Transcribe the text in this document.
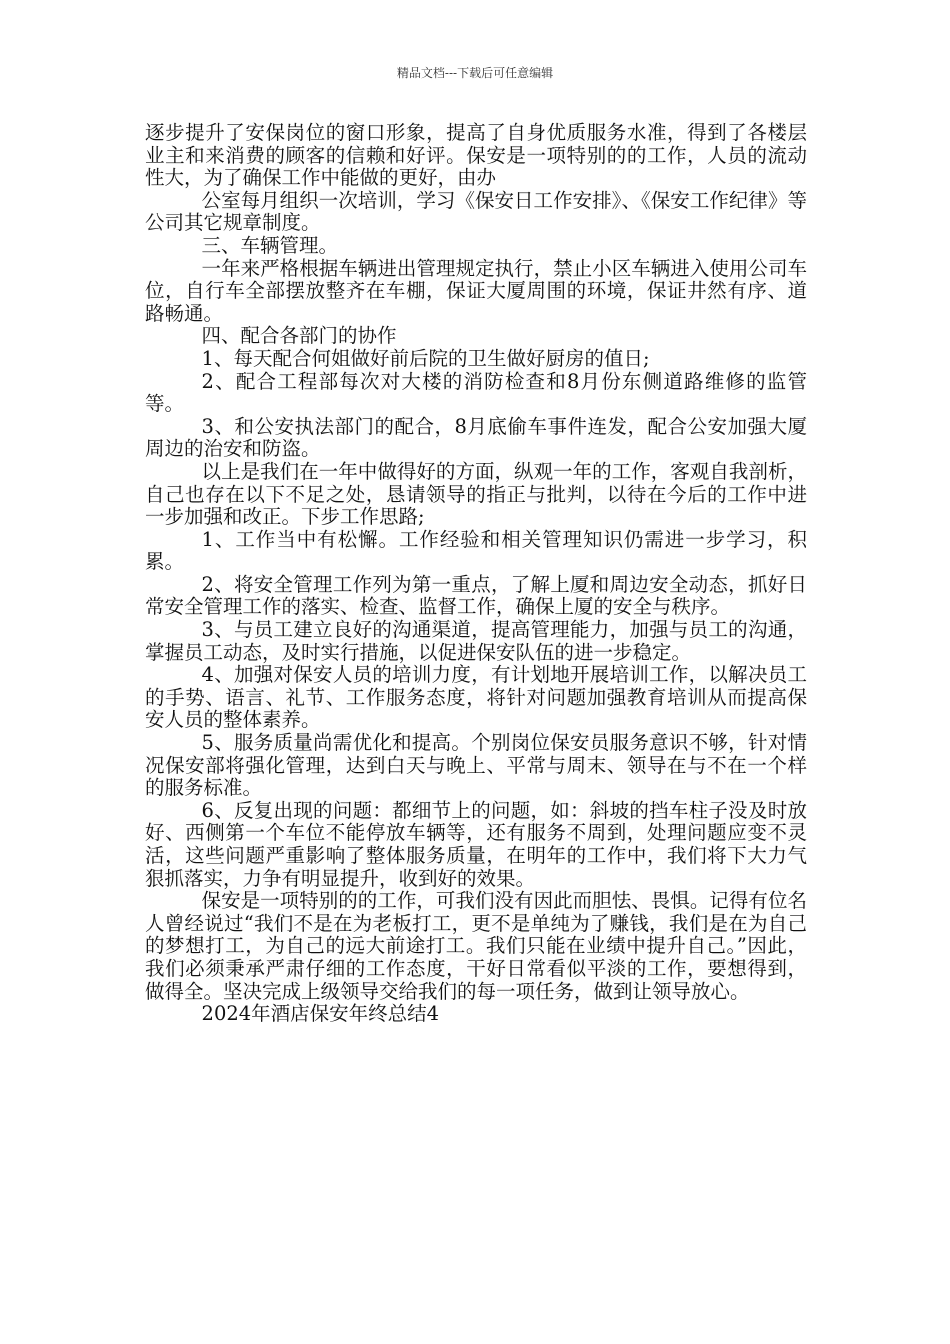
精品文档---下载后可任意编辑

逐步提升了安保岗位的窗口形象，提高了自身优质服务水准，得到了各楼层业主和来消费的顾客的信赖和好评。保安是一项特别的的工作，人员的流动性大，为了确保工作中能做的更好，由办

公室每月组织一次培训，学习《保安日工作安排》、《保安工作纪律》等公司其它规章制度。

三、车辆管理。

一年来严格根据车辆进出管理规定执行，禁止小区车辆进入使用公司车位，自行车全部摆放整齐在车棚，保证大厦周围的环境，保证井然有序、道路畅通。

四、配合各部门的协作

1、每天配合何姐做好前后院的卫生做好厨房的值日;

2、配合工程部每次对大楼的消防检查和8月份东侧道路维修的监管等。

3、和公安执法部门的配合，8月底偷车事件连发，配合公安加强大厦周边的治安和防盗。

以上是我们在一年中做得好的方面，纵观一年的工作，客观自我剖析，自己也存在以下不足之处，恳请领导的指正与批判，以待在今后的工作中进一步加强和改正。下步工作思路;

1、工作当中有松懈。工作经验和相关管理知识仍需进一步学习，积累。

2、将安全管理工作列为第一重点，了解上厦和周边安全动态，抓好日常安全管理工作的落实、检查、监督工作，确保上厦的安全与秩序。

3、与员工建立良好的沟通渠道，提高管理能力，加强与员工的沟通，掌握员工动态，及时实行措施，以促进保安队伍的进一步稳定。

4、加强对保安人员的培训力度，有计划地开展培训工作，以解决员工的手势、语言、礼节、工作服务态度，将针对问题加强教育培训从而提高保安人员的整体素养。

5、服务质量尚需优化和提高。个别岗位保安员服务意识不够，针对情况保安部将强化管理，达到白天与晚上、平常与周末、领导在与不在一个样的服务标准。

6、反复出现的问题：都细节上的问题，如：斜坡的挡车柱子没及时放好、西侧第一个车位不能停放车辆等，还有服务不周到，处理问题应变不灵活，这些问题严重影响了整体服务质量，在明年的工作中，我们将下大力气狠抓落实，力争有明显提升，收到好的效果。

保安是一项特别的的工作，可我们没有因此而胆怯、畏惧。记得有位名人曾经说过“我们不是在为老板打工，更不是单纯为了赚钱，我们是在为自己的梦想打工，为自己的远大前途打工。我们只能在业绩中提升自己。”因此，我们必须秉承严肃仔细的工作态度，干好日常看似平淡的工作，要想得到，做得全。坚决完成上级领导交给我们的每一项任务，做到让领导放心。

2024年酒店保安年终总结4
